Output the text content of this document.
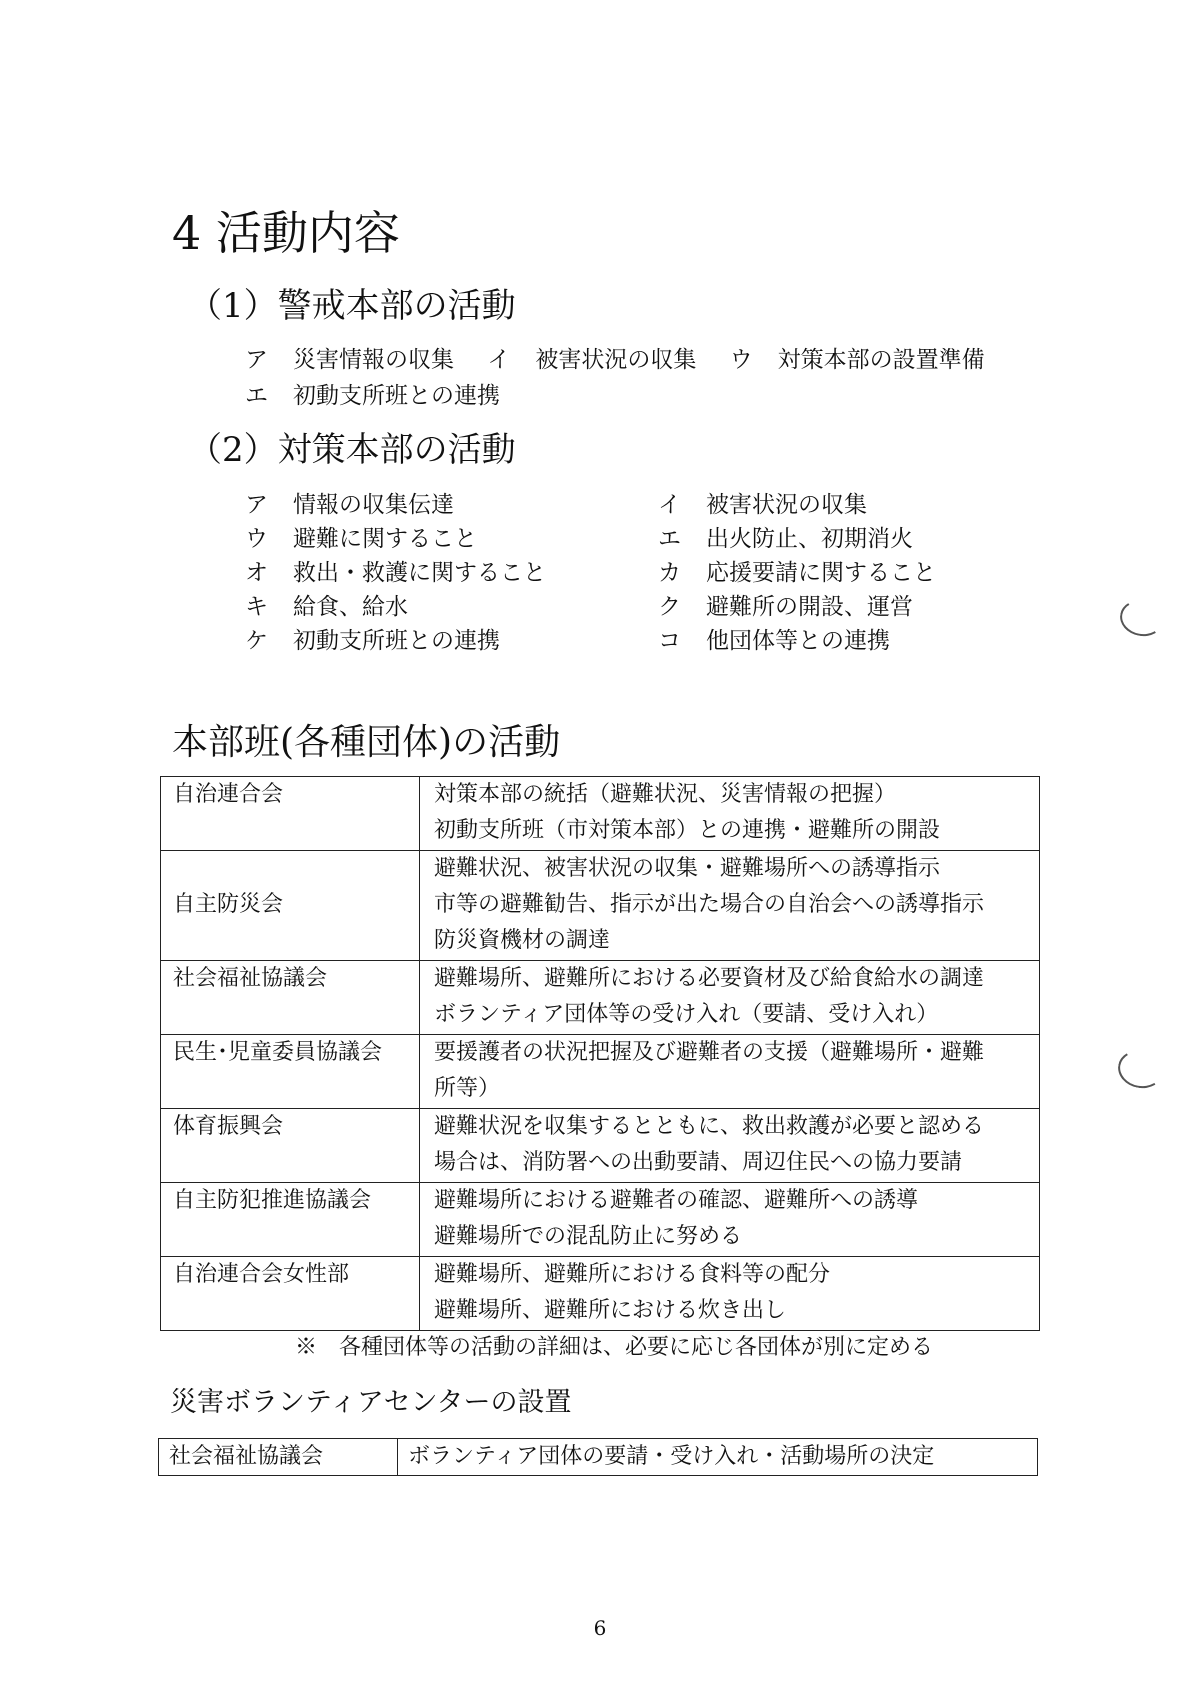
4 活動内容
（1）警戒本部の活動
ア 災害情報の収集 イ 被害状況の収集 ウ 対策本部の設置準備
エ 初動支所班との連携
（2）対策本部の活動
ア 情報の収集伝達
ウ 避難に関すること
オ 救出・救護に関すること
キ 給食、給水
ケ 初動支所班との連携
イ 被害状況の収集
エ 出火防止、初期消火
カ 応援要請に関すること
ク 避難所の開設、運営
コ 他団体等との連携
本部班(各種団体)の活動
自治連合会	対策本部の統括（避難状況、災害情報の把握）
初動支所班（市対策本部）との連携・避難所の開設

自主防災会	避難状況、被害状況の収集・避難場所への誘導指示
市等の避難勧告、指示が出た場合の自治会への誘導指示
防災資機材の調達

社会福祉協議会	避難場所、避難所における必要資材及び給食給水の調達
ボランティア団体等の受け入れ（要請、受け入れ）

民生･児童委員協議会	要援護者の状況把握及び避難者の支援（避難場所・避難
所等）

体育振興会	避難状況を収集するとともに、救出救護が必要と認める
場合は、消防署への出動要請、周辺住民への協力要請

自主防犯推進協議会	避難場所における避難者の確認、避難所への誘導
避難場所での混乱防止に努める

自治連合会女性部	避難場所、避難所における食料等の配分
避難場所、避難所における炊き出し
※　各種団体等の活動の詳細は、必要に応じ各団体が別に定める
災害ボランティアセンターの設置
社会福祉協議会	ボランティア団体の要請・受け入れ・活動場所の決定
6
